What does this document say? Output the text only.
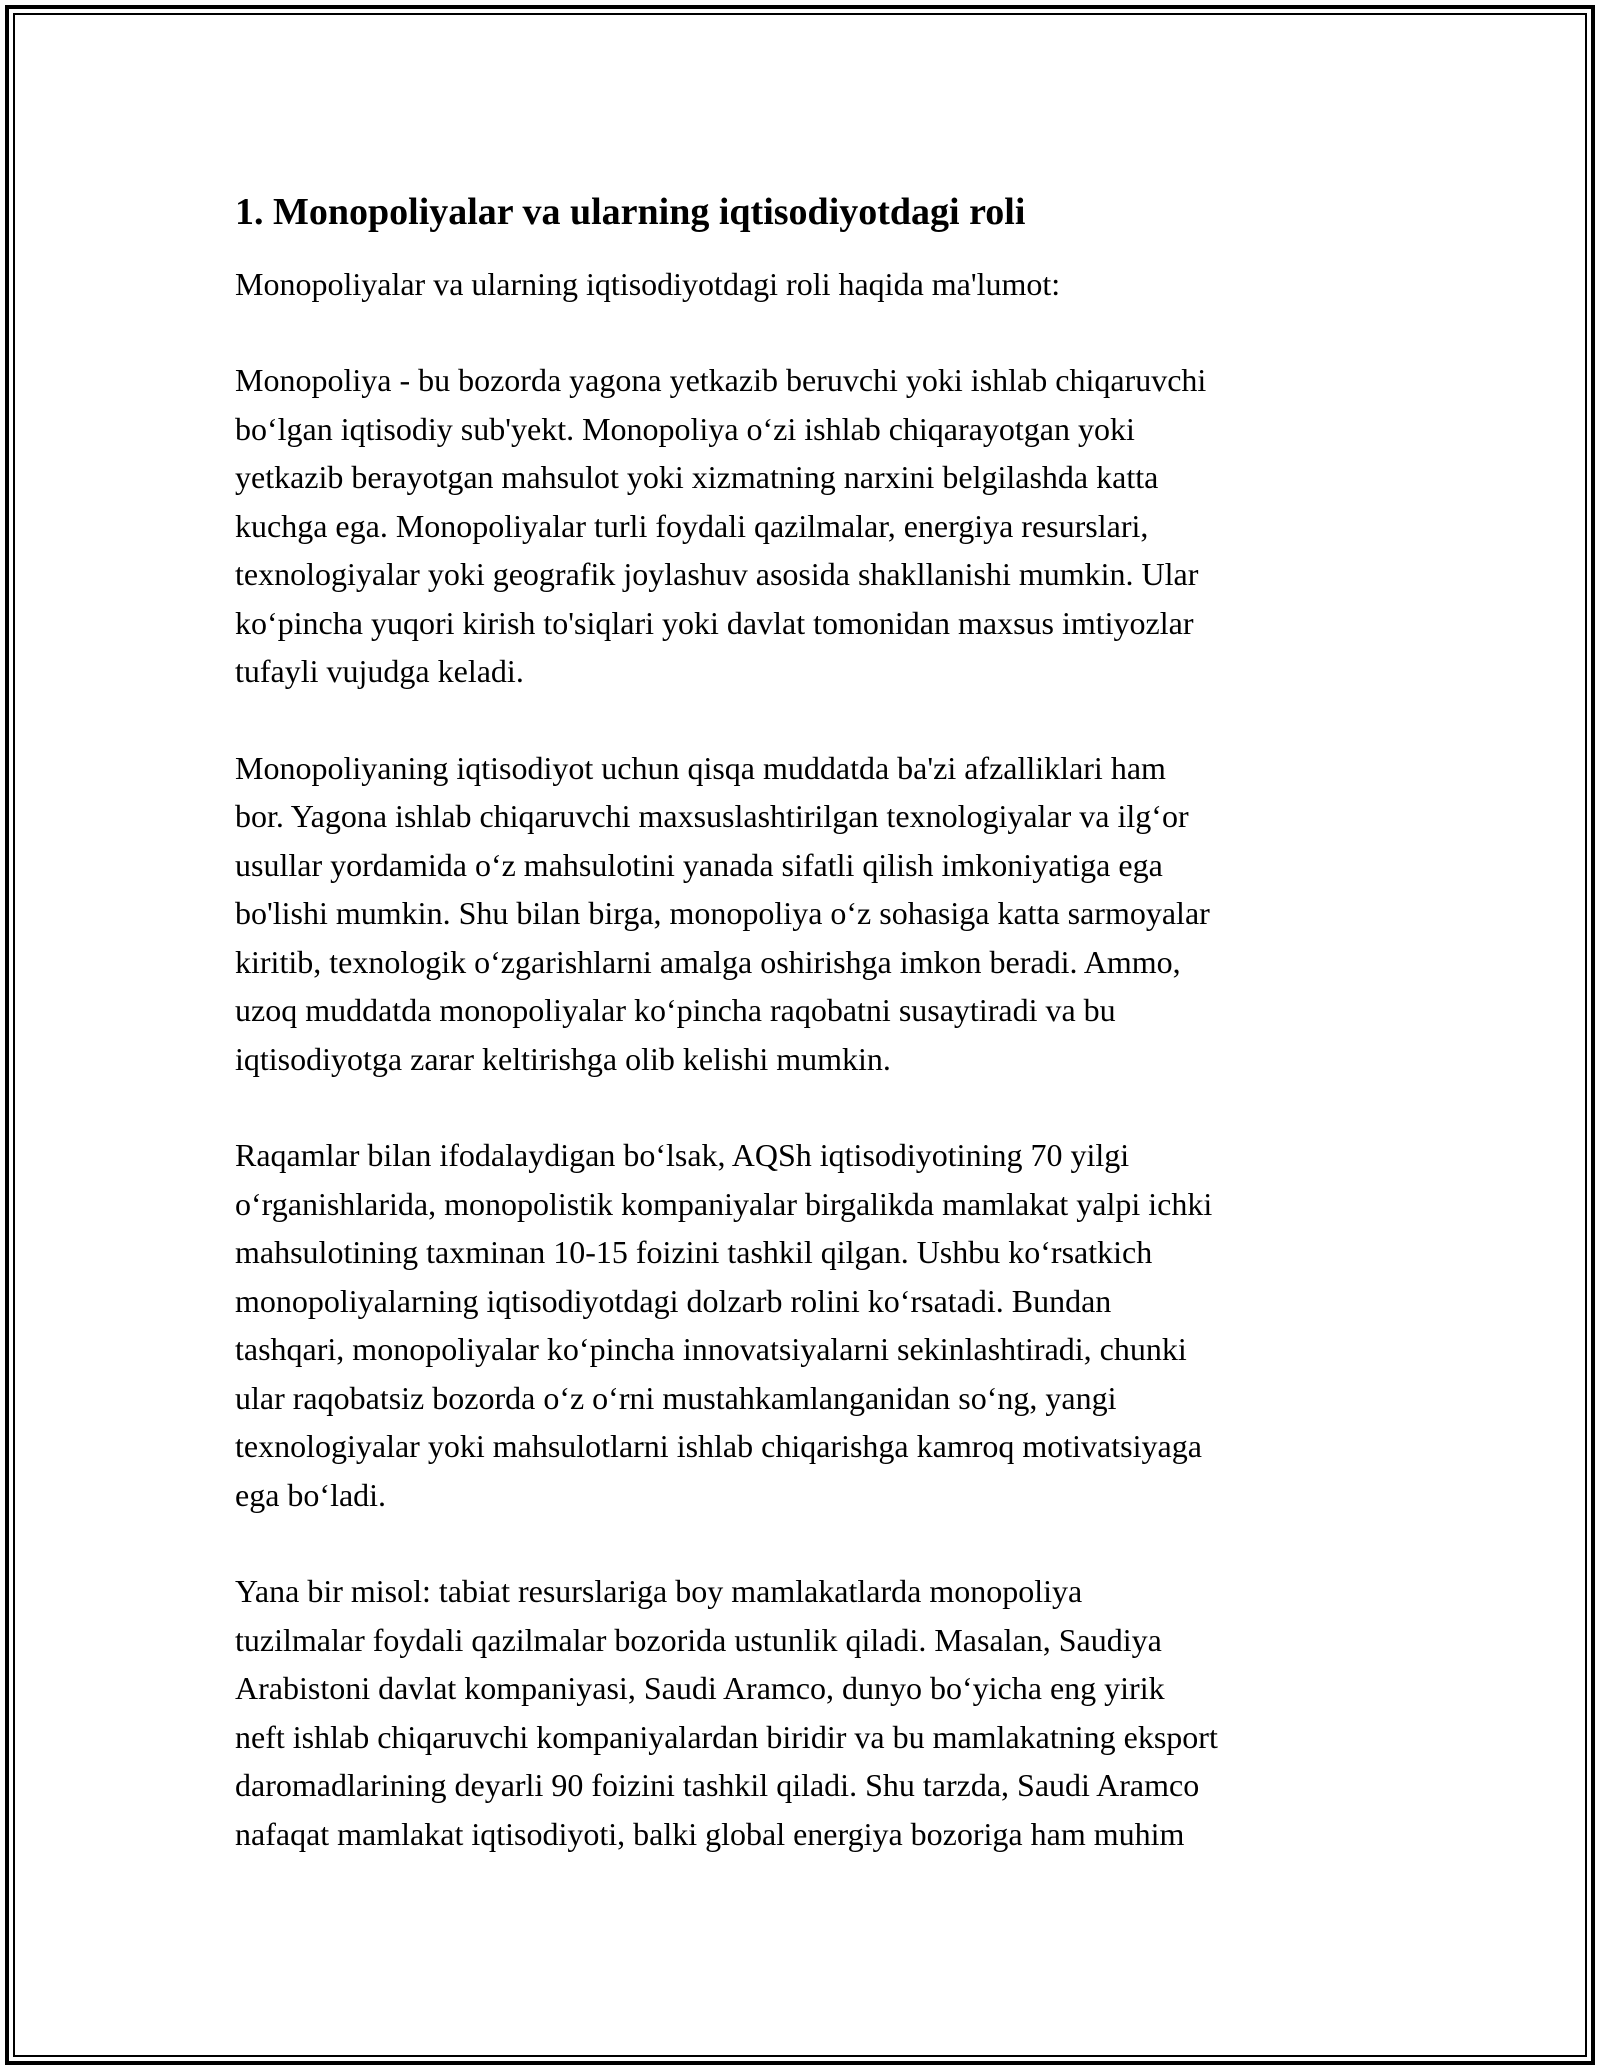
1. Monopoliyalar va ularning iqtisodiyotdagi roli

Monopoliyalar va ularning iqtisodiyotdagi roli haqida ma'lumot:

Monopoliya - bu bozorda yagona yetkazib beruvchi yoki ishlab chiqaruvchi
bo‘lgan iqtisodiy sub'yekt. Monopoliya o‘zi ishlab chiqarayotgan yoki
yetkazib berayotgan mahsulot yoki xizmatning narxini belgilashda katta
kuchga ega. Monopoliyalar turli foydali qazilmalar, energiya resurslari,
texnologiyalar yoki geografik joylashuv asosida shakllanishi mumkin. Ular
ko‘pincha yuqori kirish to'siqlari yoki davlat tomonidan maxsus imtiyozlar
tufayli vujudga keladi.

Monopoliyaning iqtisodiyot uchun qisqa muddatda ba'zi afzalliklari ham
bor. Yagona ishlab chiqaruvchi maxsuslashtirilgan texnologiyalar va ilg‘or
usullar yordamida o‘z mahsulotini yanada sifatli qilish imkoniyatiga ega
bo'lishi mumkin. Shu bilan birga, monopoliya o‘z sohasiga katta sarmoyalar
kiritib, texnologik o‘zgarishlarni amalga oshirishga imkon beradi. Ammo,
uzoq muddatda monopoliyalar ko‘pincha raqobatni susaytiradi va bu
iqtisodiyotga zarar keltirishga olib kelishi mumkin.

Raqamlar bilan ifodalaydigan bo‘lsak, AQSh iqtisodiyotining 70 yilgi
o‘rganishlarida, monopolistik kompaniyalar birgalikda mamlakat yalpi ichki
mahsulotining taxminan 10-15 foizini tashkil qilgan. Ushbu ko‘rsatkich
monopoliyalarning iqtisodiyotdagi dolzarb rolini ko‘rsatadi. Bundan
tashqari, monopoliyalar ko‘pincha innovatsiyalarni sekinlashtiradi, chunki
ular raqobatsiz bozorda o‘z o‘rni mustahkamlanganidan so‘ng, yangi
texnologiyalar yoki mahsulotlarni ishlab chiqarishga kamroq motivatsiyaga
ega bo‘ladi.

Yana bir misol: tabiat resurslariga boy mamlakatlarda monopoliya
tuzilmalar foydali qazilmalar bozorida ustunlik qiladi. Masalan, Saudiya
Arabistoni davlat kompaniyasi, Saudi Aramco, dunyo bo‘yicha eng yirik
neft ishlab chiqaruvchi kompaniyalardan biridir va bu mamlakatning eksport
daromadlarining deyarli 90 foizini tashkil qiladi. Shu tarzda, Saudi Aramco
nafaqat mamlakat iqtisodiyoti, balki global energiya bozoriga ham muhim
